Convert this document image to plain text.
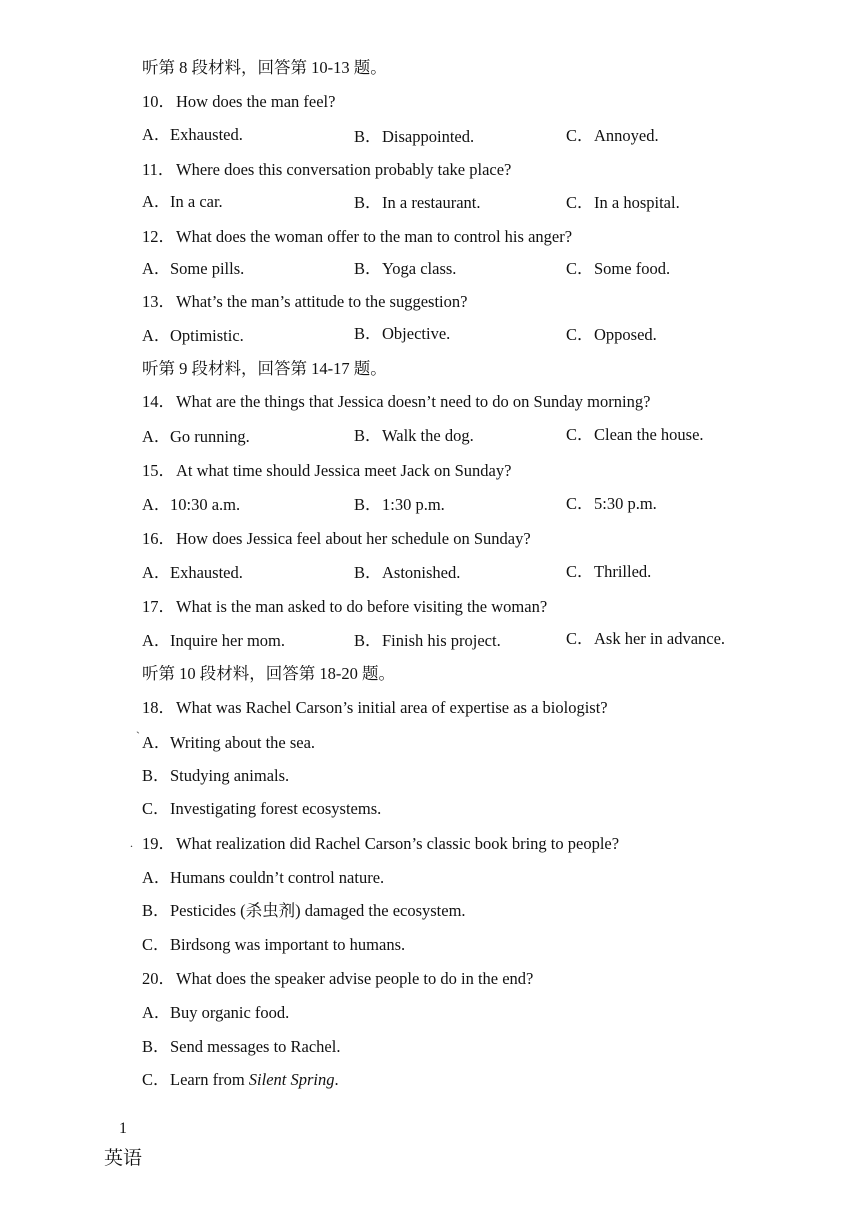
听第 8 段材料，回答第 10-13 题。
10．How does the man feel?
A．Exhausted.	B．Disappointed.	C．Annoyed.
11．Where does this conversation probably take place?
A．In a car.	B．In a restaurant.	C．In a hospital.
12．What does the woman offer to the man to control his anger?
A．Some pills.	B．Yoga class.	C．Some food.
13．What’s the man’s attitude to the suggestion?
A．Optimistic.	B．Objective.	C．Opposed.
听第 9 段材料，回答第 14-17 题。
14．What are the things that Jessica doesn’t need to do on Sunday morning?
A．Go running.	B．Walk the dog.	C．Clean the house.
15．At what time should Jessica meet Jack on Sunday?
A．10:30 a.m.	B．1:30 p.m.	C．5:30 p.m.
16．How does Jessica feel about her schedule on Sunday?
A．Exhausted.	B．Astonished.	C．Thrilled.
17．What is the man asked to do before visiting the woman?
A．Inquire her mom.	B．Finish his project.	C．Ask her in advance.
听第 10 段材料，回答第 18-20 题。
18．What was Rachel Carson’s initial area of expertise as a biologist?
` A．Writing about the sea.
B．Studying animals.
C．Investigating forest ecosystems.
. 19．What realization did Rachel Carson’s classic book bring to people?
A．Humans couldn’t control nature.
B．Pesticides (杀虫剂) damaged the ecosystem.
C．Birdsong was important to humans.
20．What does the speaker advise people to do in the end?
A．Buy organic food.
B．Send messages to Rachel.
C．Learn from Silent Spring.
1
英语
